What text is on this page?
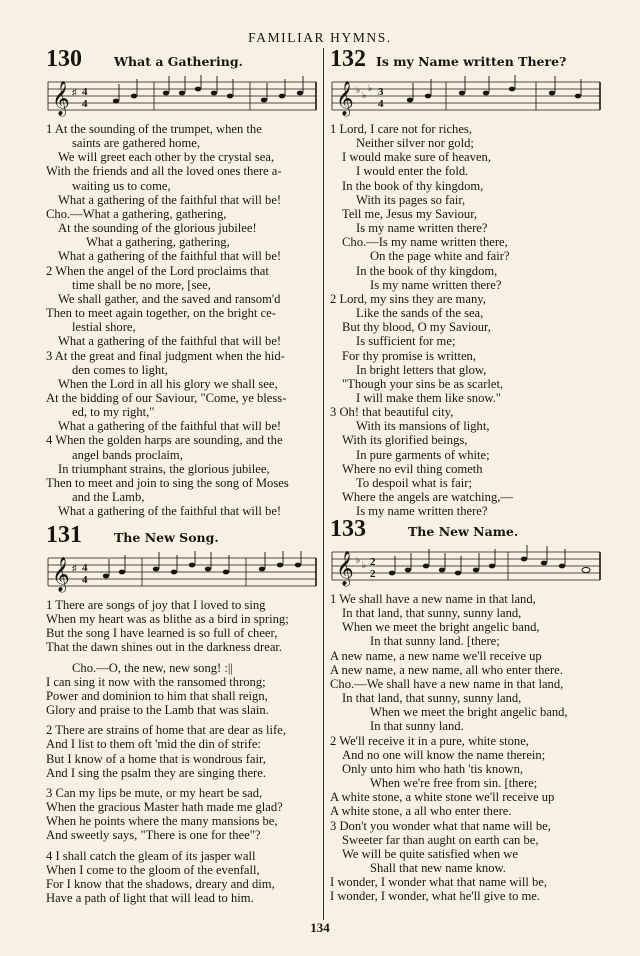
FAMILIAR HYMNS.
130	What a Gathering.
𝄞 ♯ 4
4
1 At the sounding of the trumpet, when the
saints are gathered home,
We will greet each other by the crystal sea,
With the friends and all the loved ones there a-
waiting us to come,
What a gathering of the faithful that will be!
Cho.—What a gathering, gathering,
At the sounding of the glorious jubilee!
What a gathering, gathering,
What a gathering of the faithful that will be!
2 When the angel of the Lord proclaims that
time shall be no more, [see,
We shall gather, and the saved and ransom'd
Then to meet again together, on the bright ce-
lestial shore,
What a gathering of the faithful that will be!
3 At the great and final judgment when the hid-
den comes to light,
When the Lord in all his glory we shall see,
At the bidding of our Saviour, "Come, ye bless-
ed, to my right,"
What a gathering of the faithful that will be!
4 When the golden harps are sounding, and the
angel bands proclaim,
In triumphant strains, the glorious jubilee,
Then to meet and join to sing the song of Moses
and the Lamb,
What a gathering of the faithful that will be!
131	The New Song.
𝄞 ♯ 4
4
1 There are songs of joy that I loved to sing
When my heart was as blithe as a bird in spring;
But the song I have learned is so full of cheer,
That the dawn shines out in the darkness drear.
Cho.—O, the new, new song! :||
I can sing it now with the ransomed throng;
Power and dominion to him that shall reign,
Glory and praise to the Lamb that was slain.
2 There are strains of home that are dear as life,
And I list to them oft 'mid the din of strife:
But I know of a home that is wondrous fair,
And I sing the psalm they are singing there.
3 Can my lips be mute, or my heart be sad,
When the gracious Master hath made me glad?
When he points where the many mansions be,
And sweetly says, "There is one for thee"?
4 I shall catch the gleam of its jasper wall
When I come to the gloom of the evenfall,
For I know that the shadows, dreary and dim,
Have a path of light that will lead to him.
132 Is my Name written There?
𝄞 ♭ ♭
♭ 3
4
1 Lord, I care not for riches,
Neither silver nor gold;
I would make sure of heaven,
I would enter the fold.
In the book of thy kingdom,
With its pages so fair,
Tell me, Jesus my Saviour,
Is my name written there?
Cho.—Is my name written there,
On the page white and fair?
In the book of thy kingdom,
Is my name written there?
2 Lord, my sins they are many,
Like the sands of the sea,
But thy blood, O my Saviour,
Is sufficient for me;
For thy promise is written,
In bright letters that glow,
"Though your sins be as scarlet,
I will make them like snow."
3 Oh! that beautiful city,
With its mansions of light,
With its glorified beings,
In pure garments of white;
Where no evil thing cometh
To despoil what is fair;
Where the angels are watching,—
Is my name written there?
133	The New Name.
𝄞 ♭ ♭ 2
2
1 We shall have a new name in that land,
In that land, that sunny, sunny land,
When we meet the bright angelic band,
In that sunny land. [there;
A new name, a new name we'll receive up
A new name, a new name, all who enter there.
Cho.—We shall have a new name in that land,
In that land, that sunny, sunny land,
When we meet the bright angelic band,
In that sunny land.
2 We'll receive it in a pure, white stone,
And no one will know the name therein;
Only unto him who hath 'tis known,
When we're free from sin. [there;
A white stone, a white stone we'll receive up
A white stone, a all who enter there.
3 Don't you wonder what that name will be,
Sweeter far than aught on earth can be,
We will be quite satisfied when we
Shall that new name know.
I wonder, I wonder what that name will be,
I wonder, I wonder, what he'll give to me.
134
